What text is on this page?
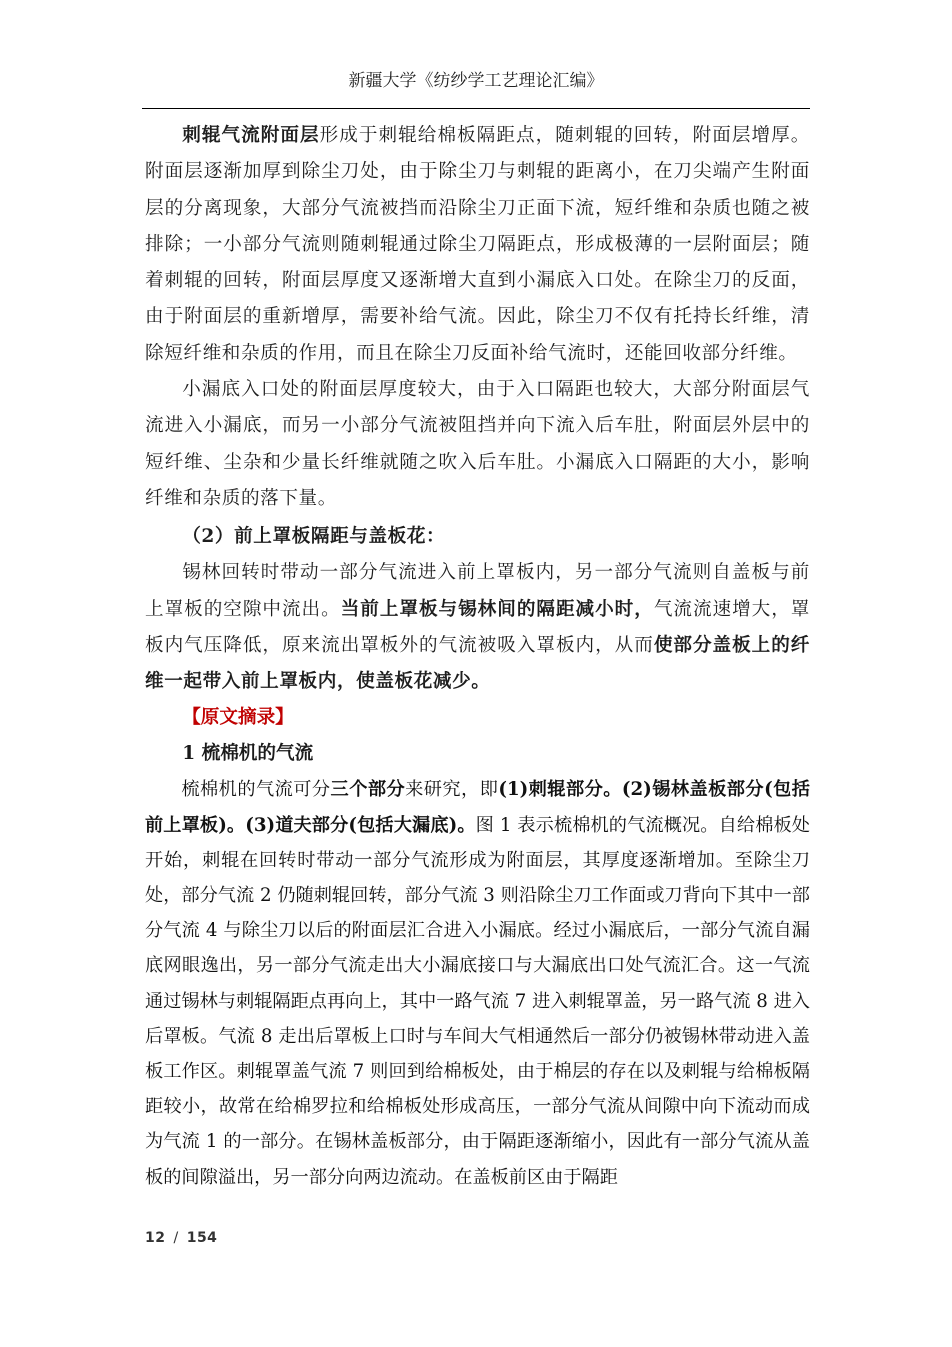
新疆大学《纺纱学工艺理论汇编》

刺辊气流附面层形成于刺辊给棉板隔距点，随刺辊的回转，附面层增厚。附面层逐渐加厚到除尘刀处，由于除尘刀与刺辊的距离小，在刀尖端产生附面层的分离现象，大部分气流被挡而沿除尘刀正面下流，短纤维和杂质也随之被排除；一小部分气流则随刺辊通过除尘刀隔距点，形成极薄的一层附面层；随着刺辊的回转，附面层厚度又逐渐增大直到小漏底入口处。在除尘刀的反面，由于附面层的重新增厚，需要补给气流。因此，除尘刀不仅有托持长纤维，清除短纤维和杂质的作用，而且在除尘刀反面补给气流时，还能回收部分纤维。

小漏底入口处的附面层厚度较大，由于入口隔距也较大，大部分附面层气流进入小漏底，而另一小部分气流被阻挡并向下流入后车肚，附面层外层中的短纤维、尘杂和少量长纤维就随之吹入后车肚。小漏底入口隔距的大小，影响纤维和杂质的落下量。

（2）前上罩板隔距与盖板花：

锡林回转时带动一部分气流进入前上罩板内，另一部分气流则自盖板与前上罩板的空隙中流出。当前上罩板与锡林间的隔距减小时，气流流速增大，罩板内气压降低，原来流出罩板外的气流被吸入罩板内，从而使部分盖板上的纤维一起带入前上罩板内，使盖板花减少。

【原文摘录】

1 梳棉机的气流

梳棉机的气流可分三个部分来研究，即(1)刺辊部分。(2)锡林盖板部分(包括前上罩板)。(3)道夫部分(包括大漏底)。图 1 表示梳棉机的气流概况。自给棉板处开始，刺辊在回转时带动一部分气流形成为附面层，其厚度逐渐增加。至除尘刀处，部分气流 2 仍随刺辊回转，部分气流 3 则沿除尘刀工作面或刀背向下其中一部分气流 4 与除尘刀以后的附面层汇合进入小漏底。经过小漏底后，一部分气流自漏底网眼逸出，另一部分气流走出大小漏底接口与大漏底出口处气流汇合。这一气流通过锡林与刺辊隔距点再向上，其中一路气流 7 进入刺辊罩盖，另一路气流 8 进入后罩板。气流 8 走出后罩板上口时与车间大气相通然后一部分仍被锡林带动进入盖板工作区。刺辊罩盖气流 7 则回到给棉板处，由于棉层的存在以及刺辊与给棉板隔距较小，故常在给棉罗拉和给棉板处形成高压，一部分气流从间隙中向下流动而成为气流 1 的一部分。在锡林盖板部分，由于隔距逐渐缩小，因此有一部分气流从盖板的间隙溢出，另一部分向两边流动。在盖板前区由于隔距

12 / 154
